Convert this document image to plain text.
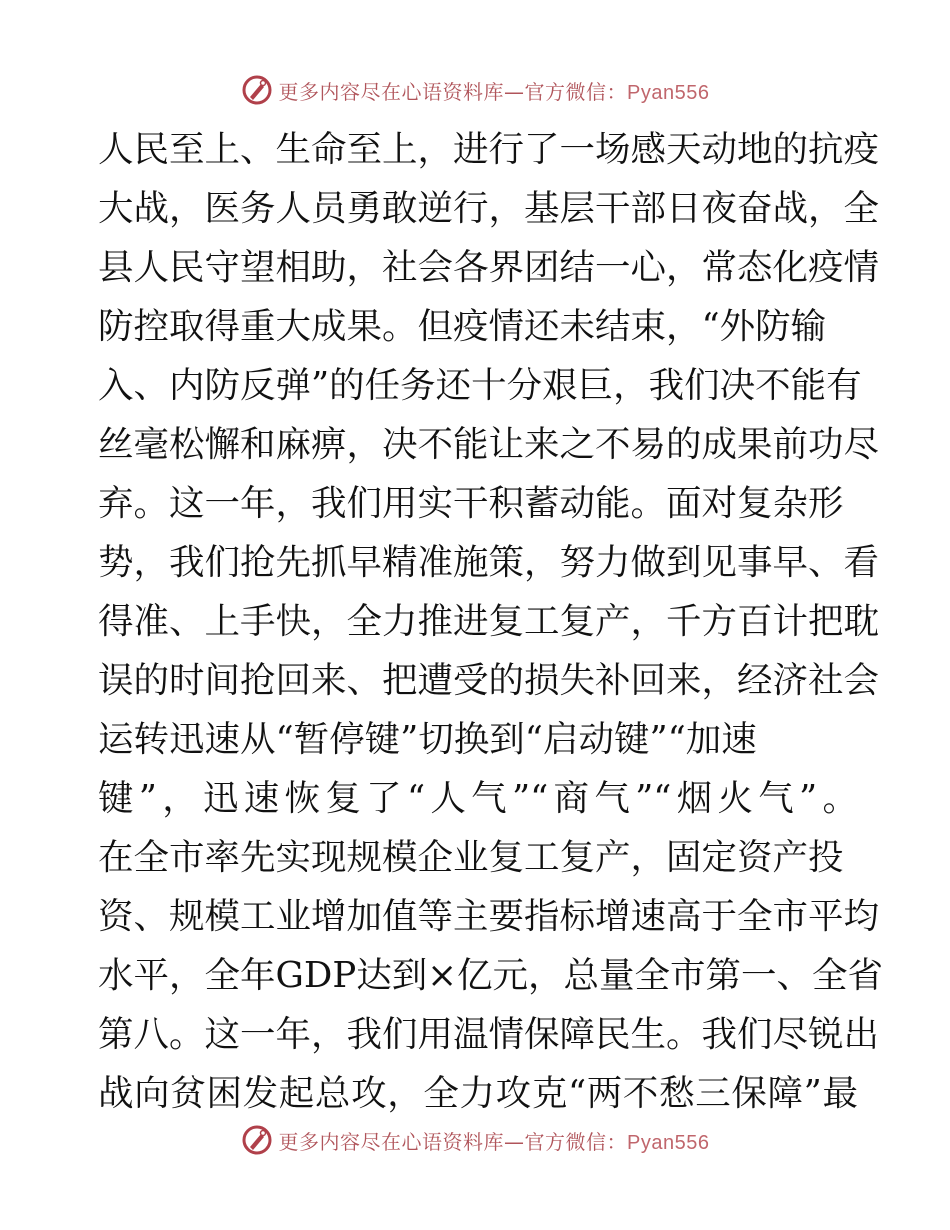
更多内容尽在心语资料库—官方微信：Pyan556
人民至上、生命至上，进行了一场感天动地的抗疫
大战，医务人员勇敢逆行，基层干部日夜奋战，全
县人民守望相助，社会各界团结一心，常态化疫情
防控取得重大成果。但疫情还未结束，“外防输
入、内防反弹”的任务还十分艰巨，我们决不能有
丝毫松懈和麻痹，决不能让来之不易的成果前功尽
弃。这一年，我们用实干积蓄动能。面对复杂形
势，我们抢先抓早精准施策，努力做到见事早、看
得准、上手快，全力推进复工复产，千方百计把耽
误的时间抢回来、把遭受的损失补回来，经济社会
运转迅速从“暂停键”切换到“启动键”“加速
键”，迅速恢复了“人气”“商气”“烟火气”。
在全市率先实现规模企业复工复产，固定资产投
资、规模工业增加值等主要指标增速高于全市平均
水平，全年GDP达到×亿元，总量全市第一、全省
第八。这一年，我们用温情保障民生。我们尽锐出
战向贫困发起总攻，全力攻克“两不愁三保障”最
更多内容尽在心语资料库—官方微信：Pyan556
